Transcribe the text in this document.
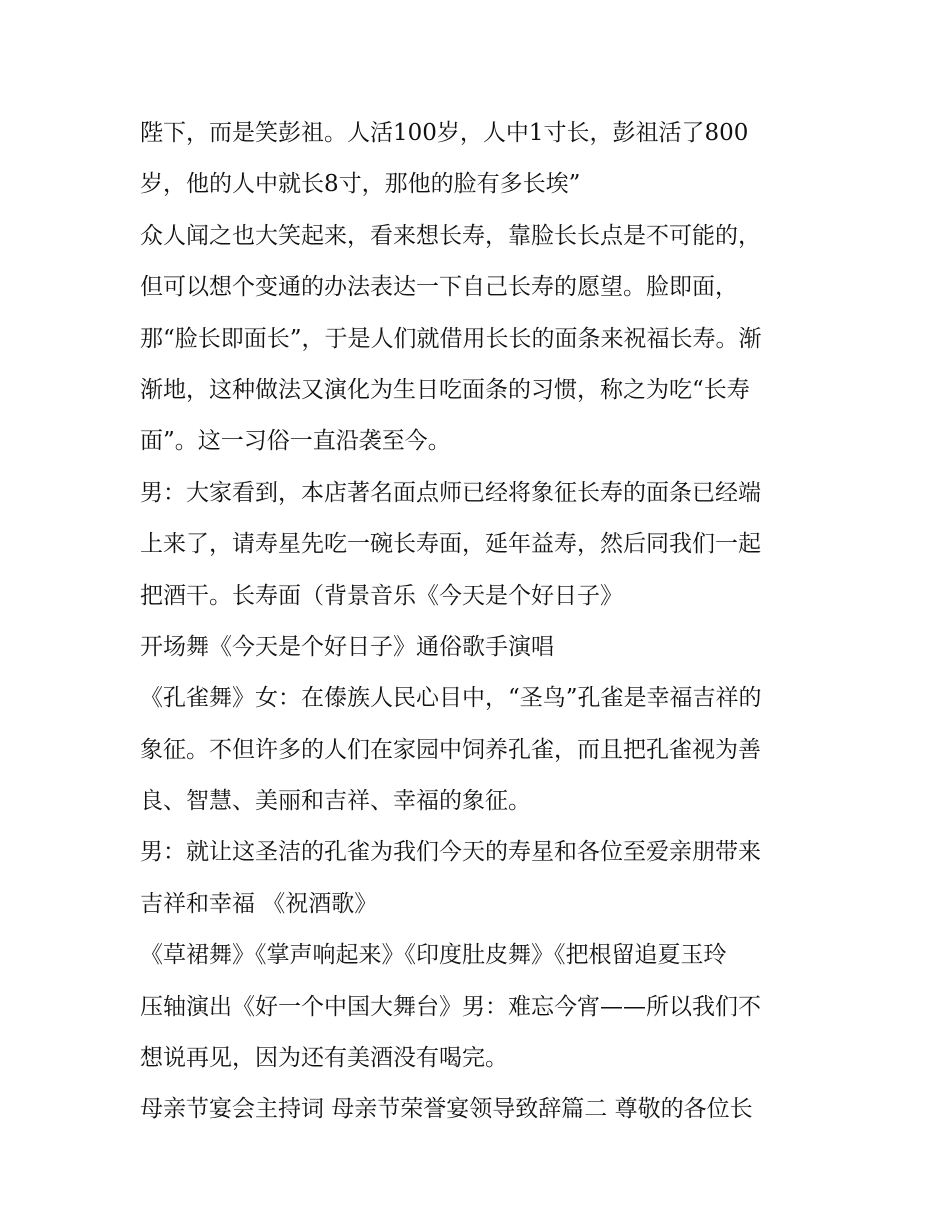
陛下，而是笑彭祖。人活100岁，人中1寸长，彭祖活了800
岁，他的人中就长8寸，那他的脸有多长埃”
众人闻之也大笑起来，看来想长寿，靠脸长长点是不可能的，
但可以想个变通的办法表达一下自己长寿的愿望。脸即面，
那“脸长即面长”，于是人们就借用长长的面条来祝福长寿。渐
渐地，这种做法又演化为生日吃面条的习惯，称之为吃“长寿
面”。这一习俗一直沿袭至今。
男：大家看到，本店著名面点师已经将象征长寿的面条已经端
上来了，请寿星先吃一碗长寿面，延年益寿，然后同我们一起
把酒干。长寿面（背景音乐《今天是个好日子》
开场舞《今天是个好日子》通俗歌手演唱
《孔雀舞》女：在傣族人民心目中，“圣鸟”孔雀是幸福吉祥的
象征。不但许多的人们在家园中饲养孔雀，而且把孔雀视为善
良、智慧、美丽和吉祥、幸福的象征。
男：就让这圣洁的孔雀为我们今天的寿星和各位至爱亲朋带来
吉祥和幸福 《祝酒歌》
《草裙舞》《掌声响起来》《印度肚皮舞》《把根留追夏玉玲
压轴演出《好一个中国大舞台》男：难忘今宵——所以我们不
想说再见，因为还有美酒没有喝完。
母亲节宴会主持词 母亲节荣誉宴领导致辞篇二 尊敬的各位长
